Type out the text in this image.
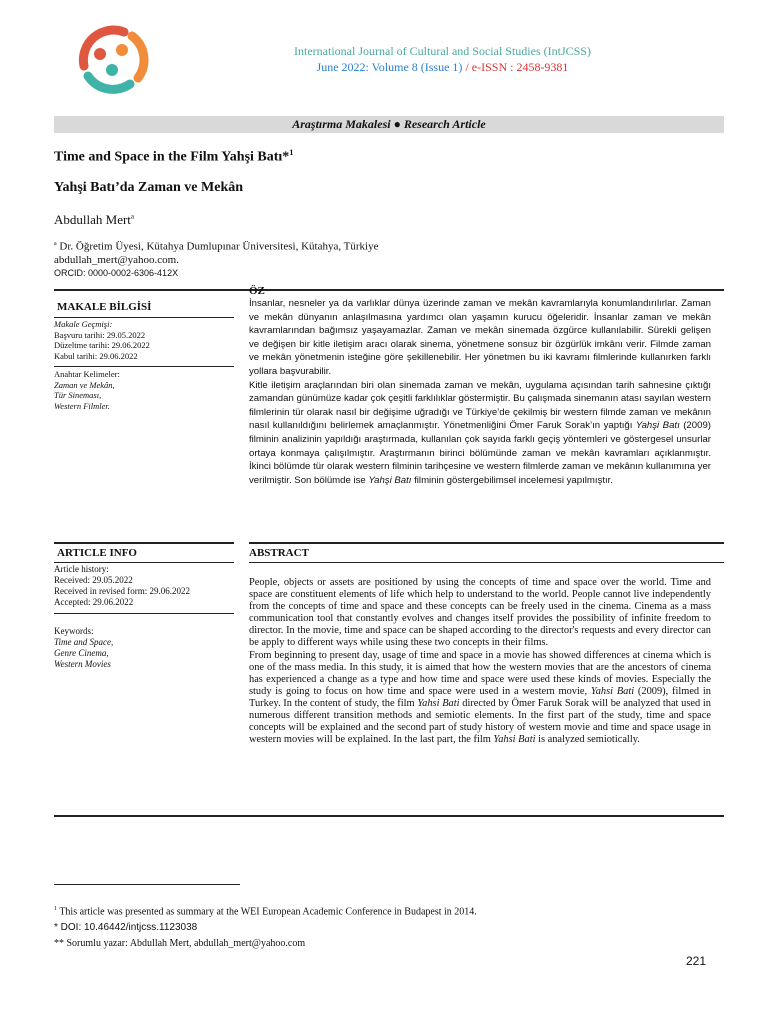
International Journal of Cultural and Social Studies (IntJCSS)
June 2022: Volume 8 (Issue 1) / e-ISSN : 2458-9381
Araştırma Makalesi ● Research Article
Time and Space in the Film Yahşi Batı*$^1$
Yahşi Batı’da Zaman ve Mekân
Abdullah Mert$^a$
$^a$ Dr. Öğretim Üyesi, Kütahya Dumlupınar Üniversitesi, Kütahya, Türkiye
abdullah_mert@yahoo.com.
ORCID: 0000-0002-6306-412X
MAKALE BİLGİSİ
Makale Geçmişi:
Başvuru tarihi: 29.05.2022
Düzeltme tarihi: 29.06.2022
Kabul tarihi: 29.06.2022
Anahtar Kelimeler:
Zaman ve Mekân,
Tür Sineması,
Western Filmler.
ÖZ

İnsanlar, nesneler ya da varlıklar dünya üzerinde zaman ve mekân kavramlarıyla konumlandırılırlar. Zaman ve mekân dünyanın anlaşılmasına yardımcı olan yaşamın kurucu öğeleridir. İnsanlar zaman ve mekân kavramlarından bağımsız yaşayamazlar. Zaman ve mekân sinemada özgürce kullanılabilir. Sürekli gelişen ve değişen bir kitle iletişim aracı olarak sinema, yönetmene sonsuz bir özgürlük imkânı verir. Filmde zaman ve mekân yönetmenin isteğine göre şekillenebilir. Her yönetmen bu iki kavramı filmlerinde kullanırken farklı yollara başvurabilir.

Kitle iletişim araçlarından biri olan sinemada zaman ve mekân, uygulama açısından tarih sahnesine çıktığı zamandan günümüze kadar çok çeşitli farklılıklar göstermiştir. Bu çalışmada sinemanın atası sayılan western filmlerinin tür olarak nasıl bir değişime uğradığı ve Türkiye’de çekilmiş bir western filmde zaman ve mekânın nasıl kullanıldığını belirlemek amaçlanmıştır. Yönetmenliğini Ömer Faruk Sorak’ın yaptığı Yahşi Batı (2009) filminin analizinin yapıldığı araştırmada, kullanılan çok sayıda farklı geçiş yöntemleri ve göstergesel unsurlar ortaya konmaya çalışılmıştır. Araştırmanın birinci bölümünde zaman ve mekân kavramları açıklanmıştır. İkinci bölümde tür olarak western filminin tarihçesine ve western filmlerde zaman ve mekânın kullanımına yer verilmiştir. Son bölümde ise Yahşi Batı filminin göstergebilimsel incelemesi yapılmıştır.

ARTICLE INFO
Article history:
Received: 29.05.2022
Received in revised form: 29.06.2022
Accepted: 29.06.2022
Keywords:
Time and Space,
Genre Cinema,
Western Movies
ABSTRACT

People, objects or assets are positioned by using the concepts of time and space over the world. Time and space are constituent elements of life which help to understand to the world. People cannot live independently from the concepts of time and space and these concepts can be freely used in the cinema. Cinema as a mass communication tool that constantly evolves and changes itself provides the possibility of infinite freedom to director. In the movie, time and space can be shaped according to the director's requests and every director can be apply to different ways while using these two concepts in their films.

From beginning to present day, usage of time and space in a movie has showed differences at cinema which is one of the mass media. In this study, it is aimed that how the western movies that are the ancestors of cinema has experienced a change as a type and how time and space were used these kinds of movies. Especially the study is going to focus on how time and space were used in a western movie, Yahsi Bati (2009), filmed in Turkey. In the content of study, the film Yahsi Bati directed by Ömer Faruk Sorak will be analyzed that used in numerous different transition methods and semiotic elements. In the first part of the study, time and space concepts will be explained and the second part of study history of western movie and time and space usage in western movies will be explained. In the last part, the film Yahsi Bati is analyzed semiotically.

$^1$ This article was presented as summary at the WEI European Academic Conference in Budapest in 2014.
* DOI: 10.46442/intjcss.1123038
** Sorumlu yazar: Abdullah Mert, abdullah_mert@yahoo.com
221
